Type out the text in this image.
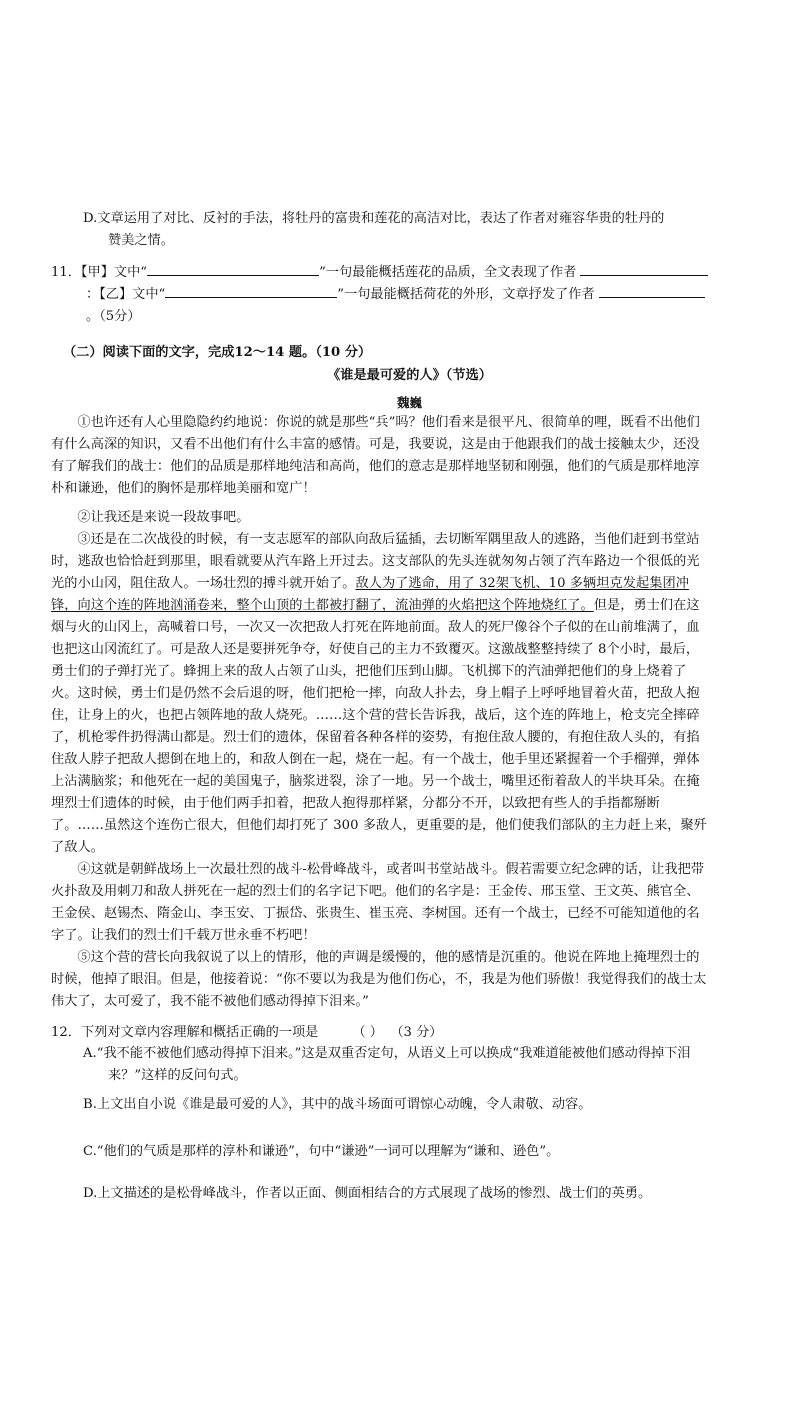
D.文章运用了对比、反衬的手法，将牡丹的富贵和莲花的高洁对比，表达了作者对雍容华贵的牡丹的
赞美之情。
11．【甲】文中“	”一句最能概括莲花的品质，全文表现了作者
：【乙】文中“	”一句最能概括荷花的外形，文章抒发了作者
。（5分）
（二）阅读下面的文字，完成12～14 题。（10 分）
《谁是最可爱的人》（节选）
魏巍

①也许还有人心里隐隐约约地说：你说的就是那些“兵”吗？他们看来是很平凡、很简单的哩，既看不出他们有什么高深的知识，又看不出他们有什么丰富的感情。可是，我要说，这是由于他跟我们的战士接触太少，还没有了解我们的战士：他们的品质是那样地纯洁和高尚，他们的意志是那样地坚韧和刚强，他们的气质是那样地淳朴和谦逊，他们的胸怀是那样地美丽和宽广！

②让我还是来说一段故事吧。

③还是在二次战役的时候，有一支志愿军的部队向敌后猛插，去切断军隅里敌人的逃路，当他们赶到书堂站时，逃敌也恰恰赶到那里，眼看就要从汽车路上开过去。这支部队的先头连就匆匆占领了汽车路边一个很低的光光的小山冈，阻住敌人。一场壮烈的搏斗就开始了。敌人为了逃命，用了 32架飞机、10 多辆坦克发起集团冲锋，向这个连的阵地汹涌卷来，整个山顶的土都被打翻了，流油弹的火焰把这个阵地烧红了。但是，勇士们在这烟与火的山冈上，高喊着口号，一次又一次把敌人打死在阵地前面。敌人的死尸像谷个子似的在山前堆满了，血也把这山冈流红了。可是敌人还是要拼死争夺，好使自己的主力不致覆灭。这激战整整持续了 8个小时，最后，勇士们的子弹打光了。蜂拥上来的敌人占领了山头，把他们压到山脚。飞机掷下的汽油弹把他们的身上烧着了火。这时候，勇士们是仍然不会后退的呀，他们把枪一摔，向敌人扑去，身上帽子上呼呼地冒着火苗，把敌人抱住，让身上的火，也把占领阵地的敌人烧死。……这个营的营长告诉我，战后，这个连的阵地上，枪支完全摔碎了，机枪零件扔得满山都是。烈士们的遗体，保留着各种各样的姿势，有抱住敌人腰的，有抱住敌人头的，有掐住敌人脖子把敌人摁倒在地上的，和敌人倒在一起，烧在一起。有一个战士，他手里还紧握着一个手榴弹，弹体上沾满脑浆；和他死在一起的美国鬼子，脑浆迸裂，涂了一地。另一个战士，嘴里还衔着敌人的半块耳朵。在掩埋烈士们遗体的时候，由于他们两手扣着，把敌人抱得那样紧，分都分不开，以致把有些人的手指都掰断了。……虽然这个连伤亡很大，但他们却打死了 300 多敌人，更重要的是，他们使我们部队的主力赶上来，聚歼了敌人。

④这就是朝鲜战场上一次最壮烈的战斗-松骨峰战斗，或者叫书堂站战斗。假若需要立纪念碑的话，让我把带火扑敌及用刺刀和敌人拼死在一起的烈士们的名字记下吧。他们的名字是：王金传、邢玉堂、王文英、熊官全、王金侯、赵锡杰、隋金山、李玉安、丁振岱、张贵生、崔玉亮、李树国。还有一个战士，已经不可能知道他的名字了。让我们的烈士们千载万世永垂不朽吧！

⑤这个营的营长向我叙说了以上的情形，他的声调是缓慢的，他的感情是沉重的。他说在阵地上掩埋烈士的时候，他掉了眼泪。但是，他接着说：“你不要以为我是为他们伤心，不，我是为他们骄傲！我觉得我们的战士太伟大了，太可爱了，我不能不被他们感动得掉下泪来。”

12．下列对文章内容理解和概括正确的一项是	（ ） （3 分）
A.“我不能不被他们感动得掉下泪来。”这是双重否定句，从语义上可以换成“我难道能被他们感动得掉下泪
来？”这样的反问句式。
B.上文出自小说《谁是最可爱的人》，其中的战斗场面可谓惊心动魄，令人肃敬、动容。
C.“他们的气质是那样的淳朴和谦逊”，句中“谦逊”一词可以理解为“谦和、逊色”。
D.上文描述的是松骨峰战斗，作者以正面、侧面相结合的方式展现了战场的惨烈、战士们的英勇。
